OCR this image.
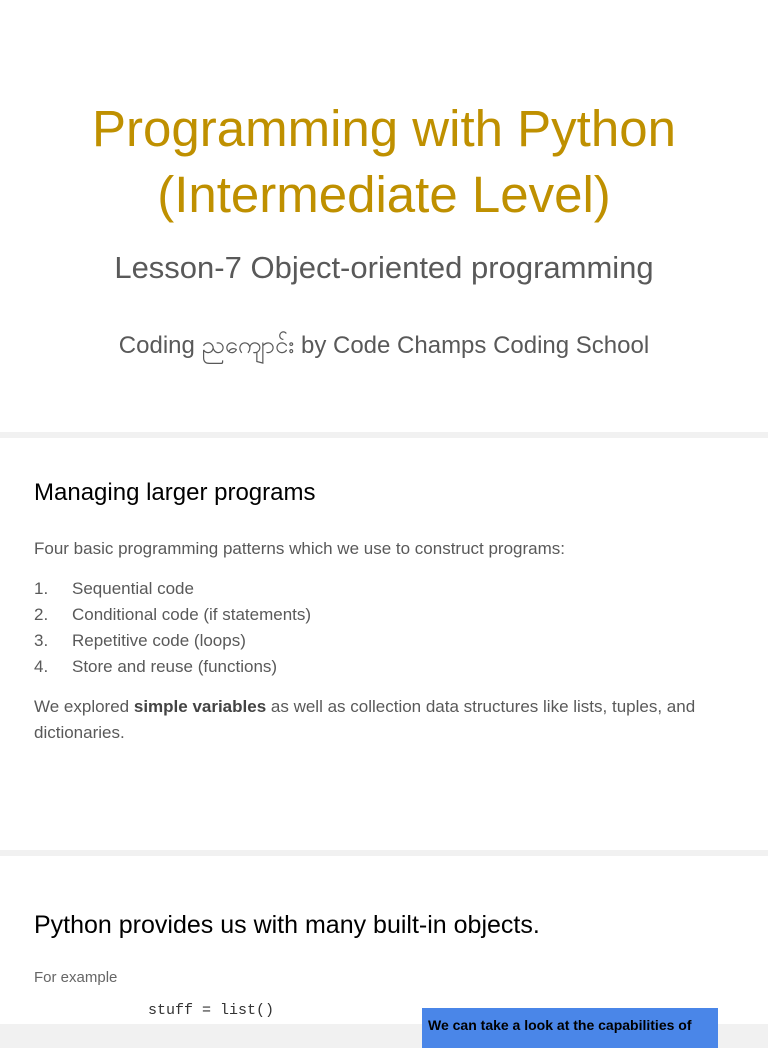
Programming with Python
(Intermediate Level)
Lesson-7 Object-oriented programming
Coding ညကျောင်း by Code Champs Coding School
Managing larger programs
Four basic programming patterns which we use to construct programs:
1.	Sequential code
2.	Conditional code (if statements)
3.	Repetitive code (loops)
4.	Store and reuse (functions)

We explored simple variables as well as collection data structures like lists, tuples, and dictionaries.

Python provides us with many built-in objects.
For example
stuff = list()
We can take a look at the capabilities of
